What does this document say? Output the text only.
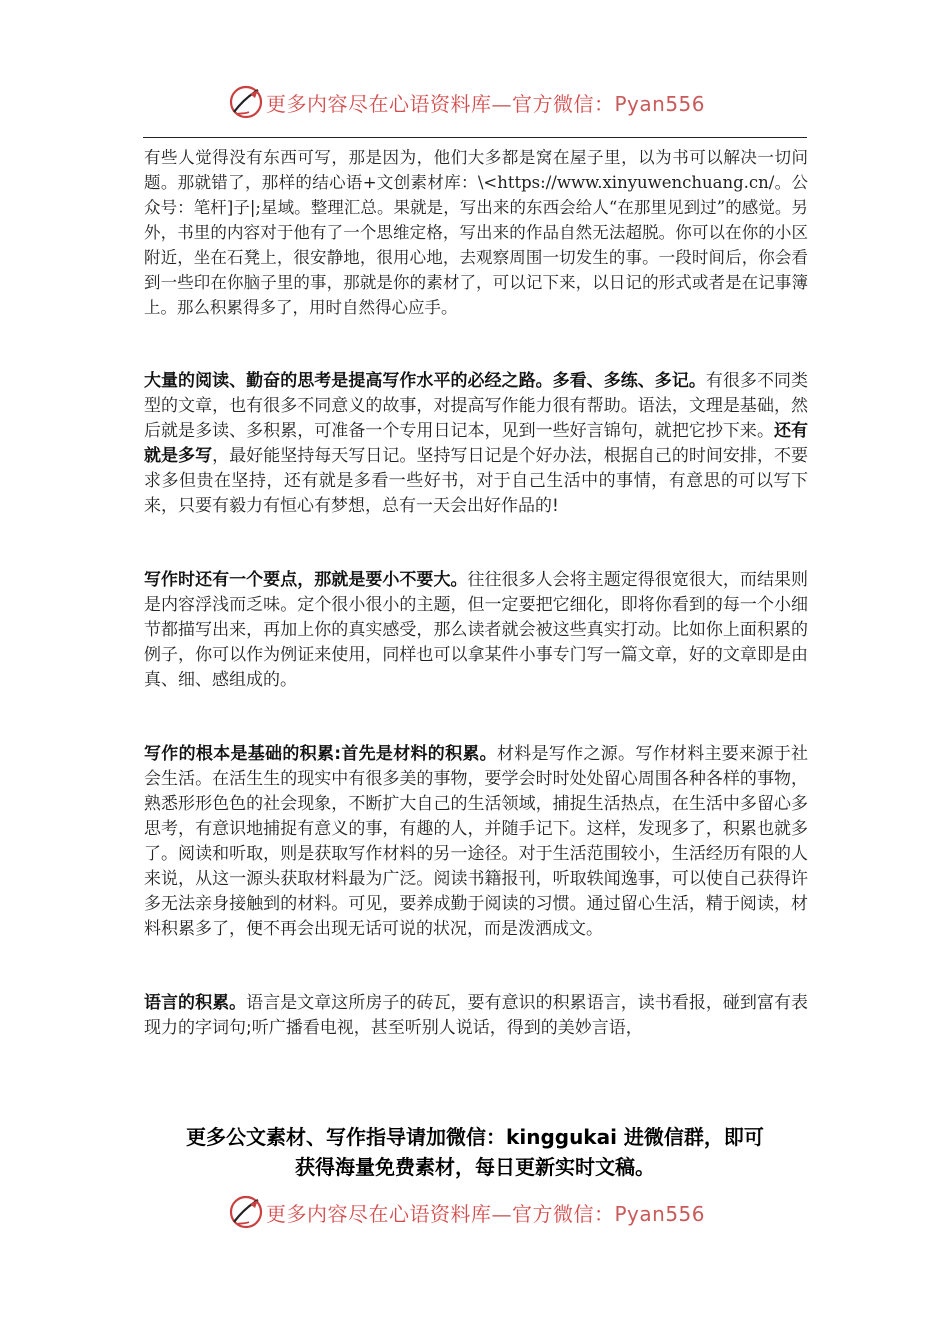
更多内容尽在心语资料库—官方微信：Pyan556

有些人觉得没有东西可写，那是因为，他们大多都是窝在屋子里，以为书可以解决一切问题。那就错了，那样的结心语+文创素材库：\<https://www.xinyuwenchuang.cn/。公众号：笔杆]子|;星域。整理汇总。果就是，写出来的东西会给人“在那里见到过”的感觉。另外，书里的内容对于他有了一个思维定格，写出来的作品自然无法超脱。你可以在你的小区附近，坐在石凳上，很安静地，很用心地，去观察周围一切发生的事。一段时间后，你会看到一些印在你脑子里的事，那就是你的素材了，可以记下来，以日记的形式或者是在记事簿上。那么积累得多了，用时自然得心应手。

大量的阅读、勤奋的思考是提高写作水平的必经之路。多看、多练、多记。有很多不同类型的文章，也有很多不同意义的故事，对提高写作能力很有帮助。语法，文理是基础，然后就是多读、多积累，可准备一个专用日记本，见到一些好言锦句，就把它抄下来。还有就是多写，最好能坚持每天写日记。坚持写日记是个好办法，根据自己的时间安排，不要求多但贵在坚持，还有就是多看一些好书，对于自己生活中的事情，有意思的可以写下来，只要有毅力有恒心有梦想，总有一天会出好作品的!

写作时还有一个要点，那就是要小不要大。往往很多人会将主题定得很宽很大，而结果则是内容浮浅而乏味。定个很小很小的主题，但一定要把它细化，即将你看到的每一个小细节都描写出来，再加上你的真实感受，那么读者就会被这些真实打动。比如你上面积累的例子，你可以作为例证来使用，同样也可以拿某件小事专门写一篇文章，好的文章即是由真、细、感组成的。

写作的根本是基础的积累:首先是材料的积累。材料是写作之源。写作材料主要来源于社会生活。在活生生的现实中有很多美的事物，要学会时时处处留心周围各种各样的事物，熟悉形形色色的社会现象，不断扩大自己的生活领域，捕捉生活热点，在生活中多留心多思考，有意识地捕捉有意义的事，有趣的人，并随手记下。这样，发现多了，积累也就多了。阅读和听取，则是获取写作材料的另一途径。对于生活范围较小，生活经历有限的人来说，从这一源头获取材料最为广泛。阅读书籍报刊，听取轶闻逸事，可以使自己获得许多无法亲身接触到的材料。可见，要养成勤于阅读的习惯。通过留心生活，精于阅读，材料积累多了，便不再会出现无话可说的状况，而是泼洒成文。

语言的积累。语言是文章这所房子的砖瓦，要有意识的积累语言，读书看报，碰到富有表现力的字词句;听广播看电视，甚至听别人说话，得到的美妙言语，

更多公文素材、写作指导请加微信：kinggukai 进微信群，即可
获得海量免费素材，每日更新实时文稿。
更多内容尽在心语资料库—官方微信：Pyan556
